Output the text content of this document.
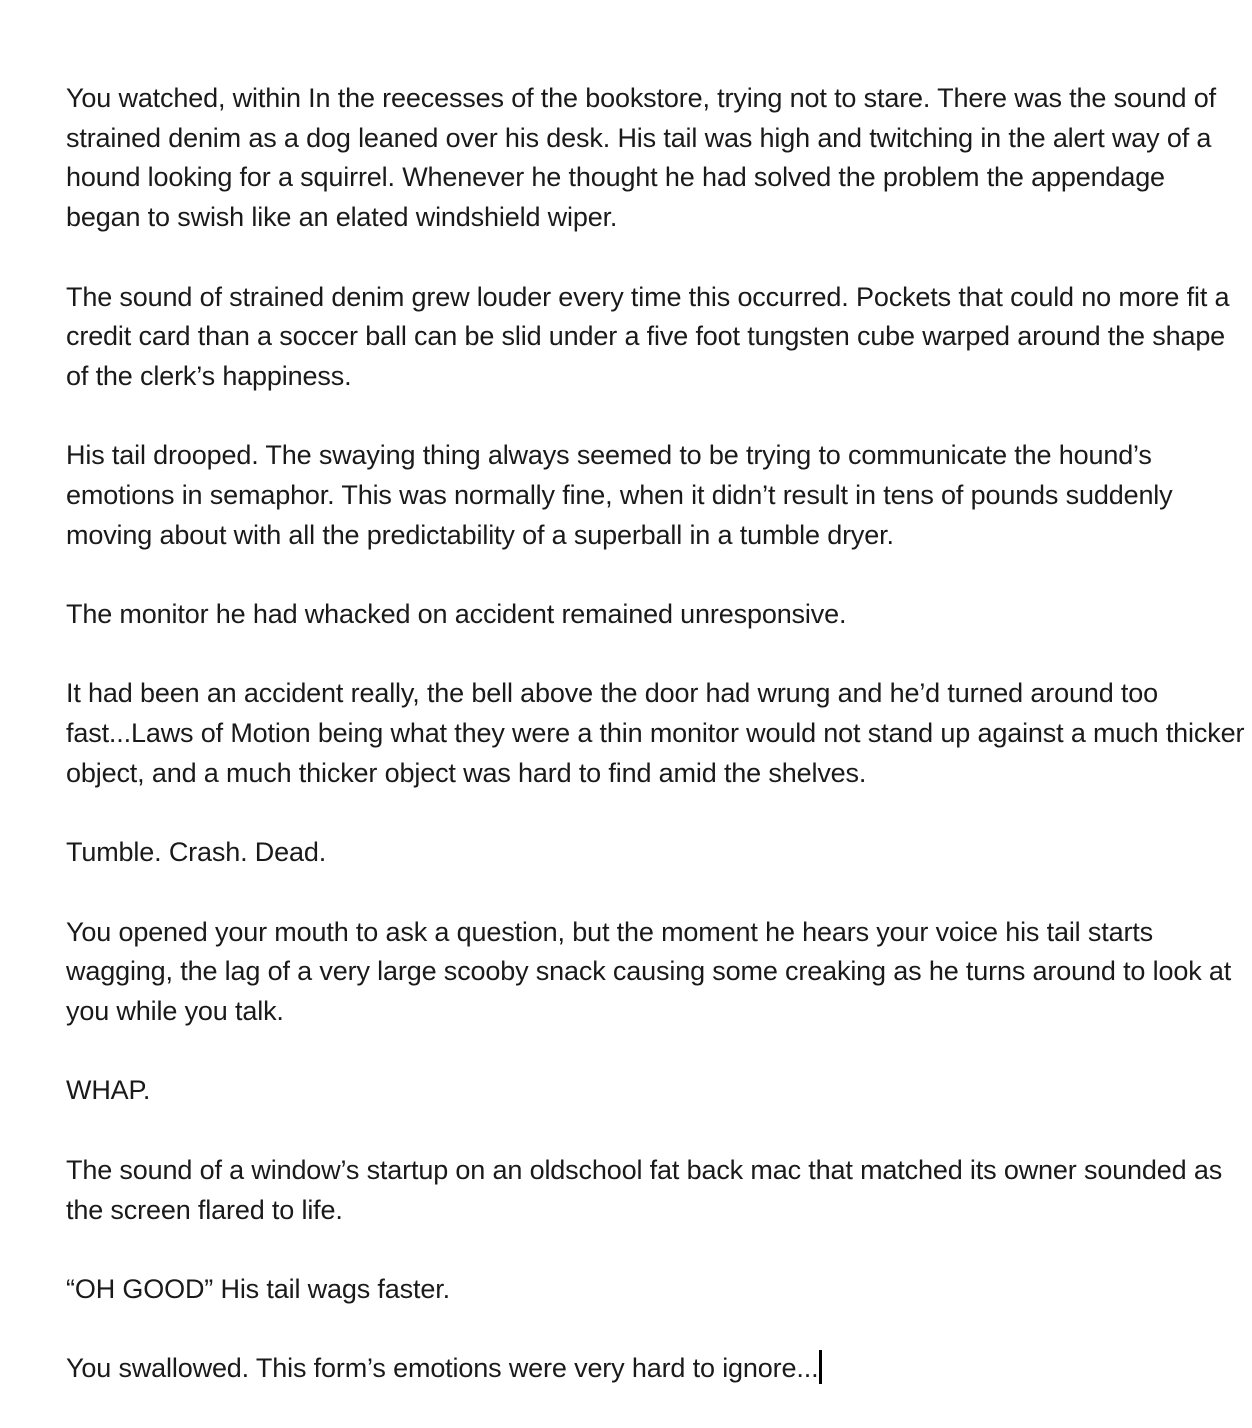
You watched, within In the reecesses of the bookstore, trying not to stare. There was the sound of strained denim as a dog leaned over his desk. His tail was high and twitching in the alert way of a hound looking for a squirrel. Whenever he thought he had solved the problem the appendage began to swish like an elated windshield wiper.

The sound of strained denim grew louder every time this occurred. Pockets that could no more fit a credit card than a soccer ball can be slid under a five foot tungsten cube warped around the shape of the clerk’s happiness.

His tail drooped. The swaying thing always seemed to be trying to communicate the hound’s emotions in semaphor. This was normally fine, when it didn’t result in tens of pounds suddenly moving about with all the predictability of a superball in a tumble dryer.

The monitor he had whacked on accident remained unresponsive.

It had been an accident really, the bell above the door had wrung and he’d turned around too fast...Laws of Motion being what they were a thin monitor would not stand up against a much thicker object, and a much thicker object was hard to find amid the shelves.

Tumble. Crash. Dead.

You opened your mouth to ask a question, but the moment he hears your voice his tail starts wagging, the lag of a very large scooby snack causing some creaking as he turns around to look at you while you talk.

WHAP.

The sound of a window’s startup on an oldschool fat back mac that matched its owner sounded as the screen flared to life.

“OH GOOD” His tail wags faster.

You swallowed. This form’s emotions were very hard to ignore...
